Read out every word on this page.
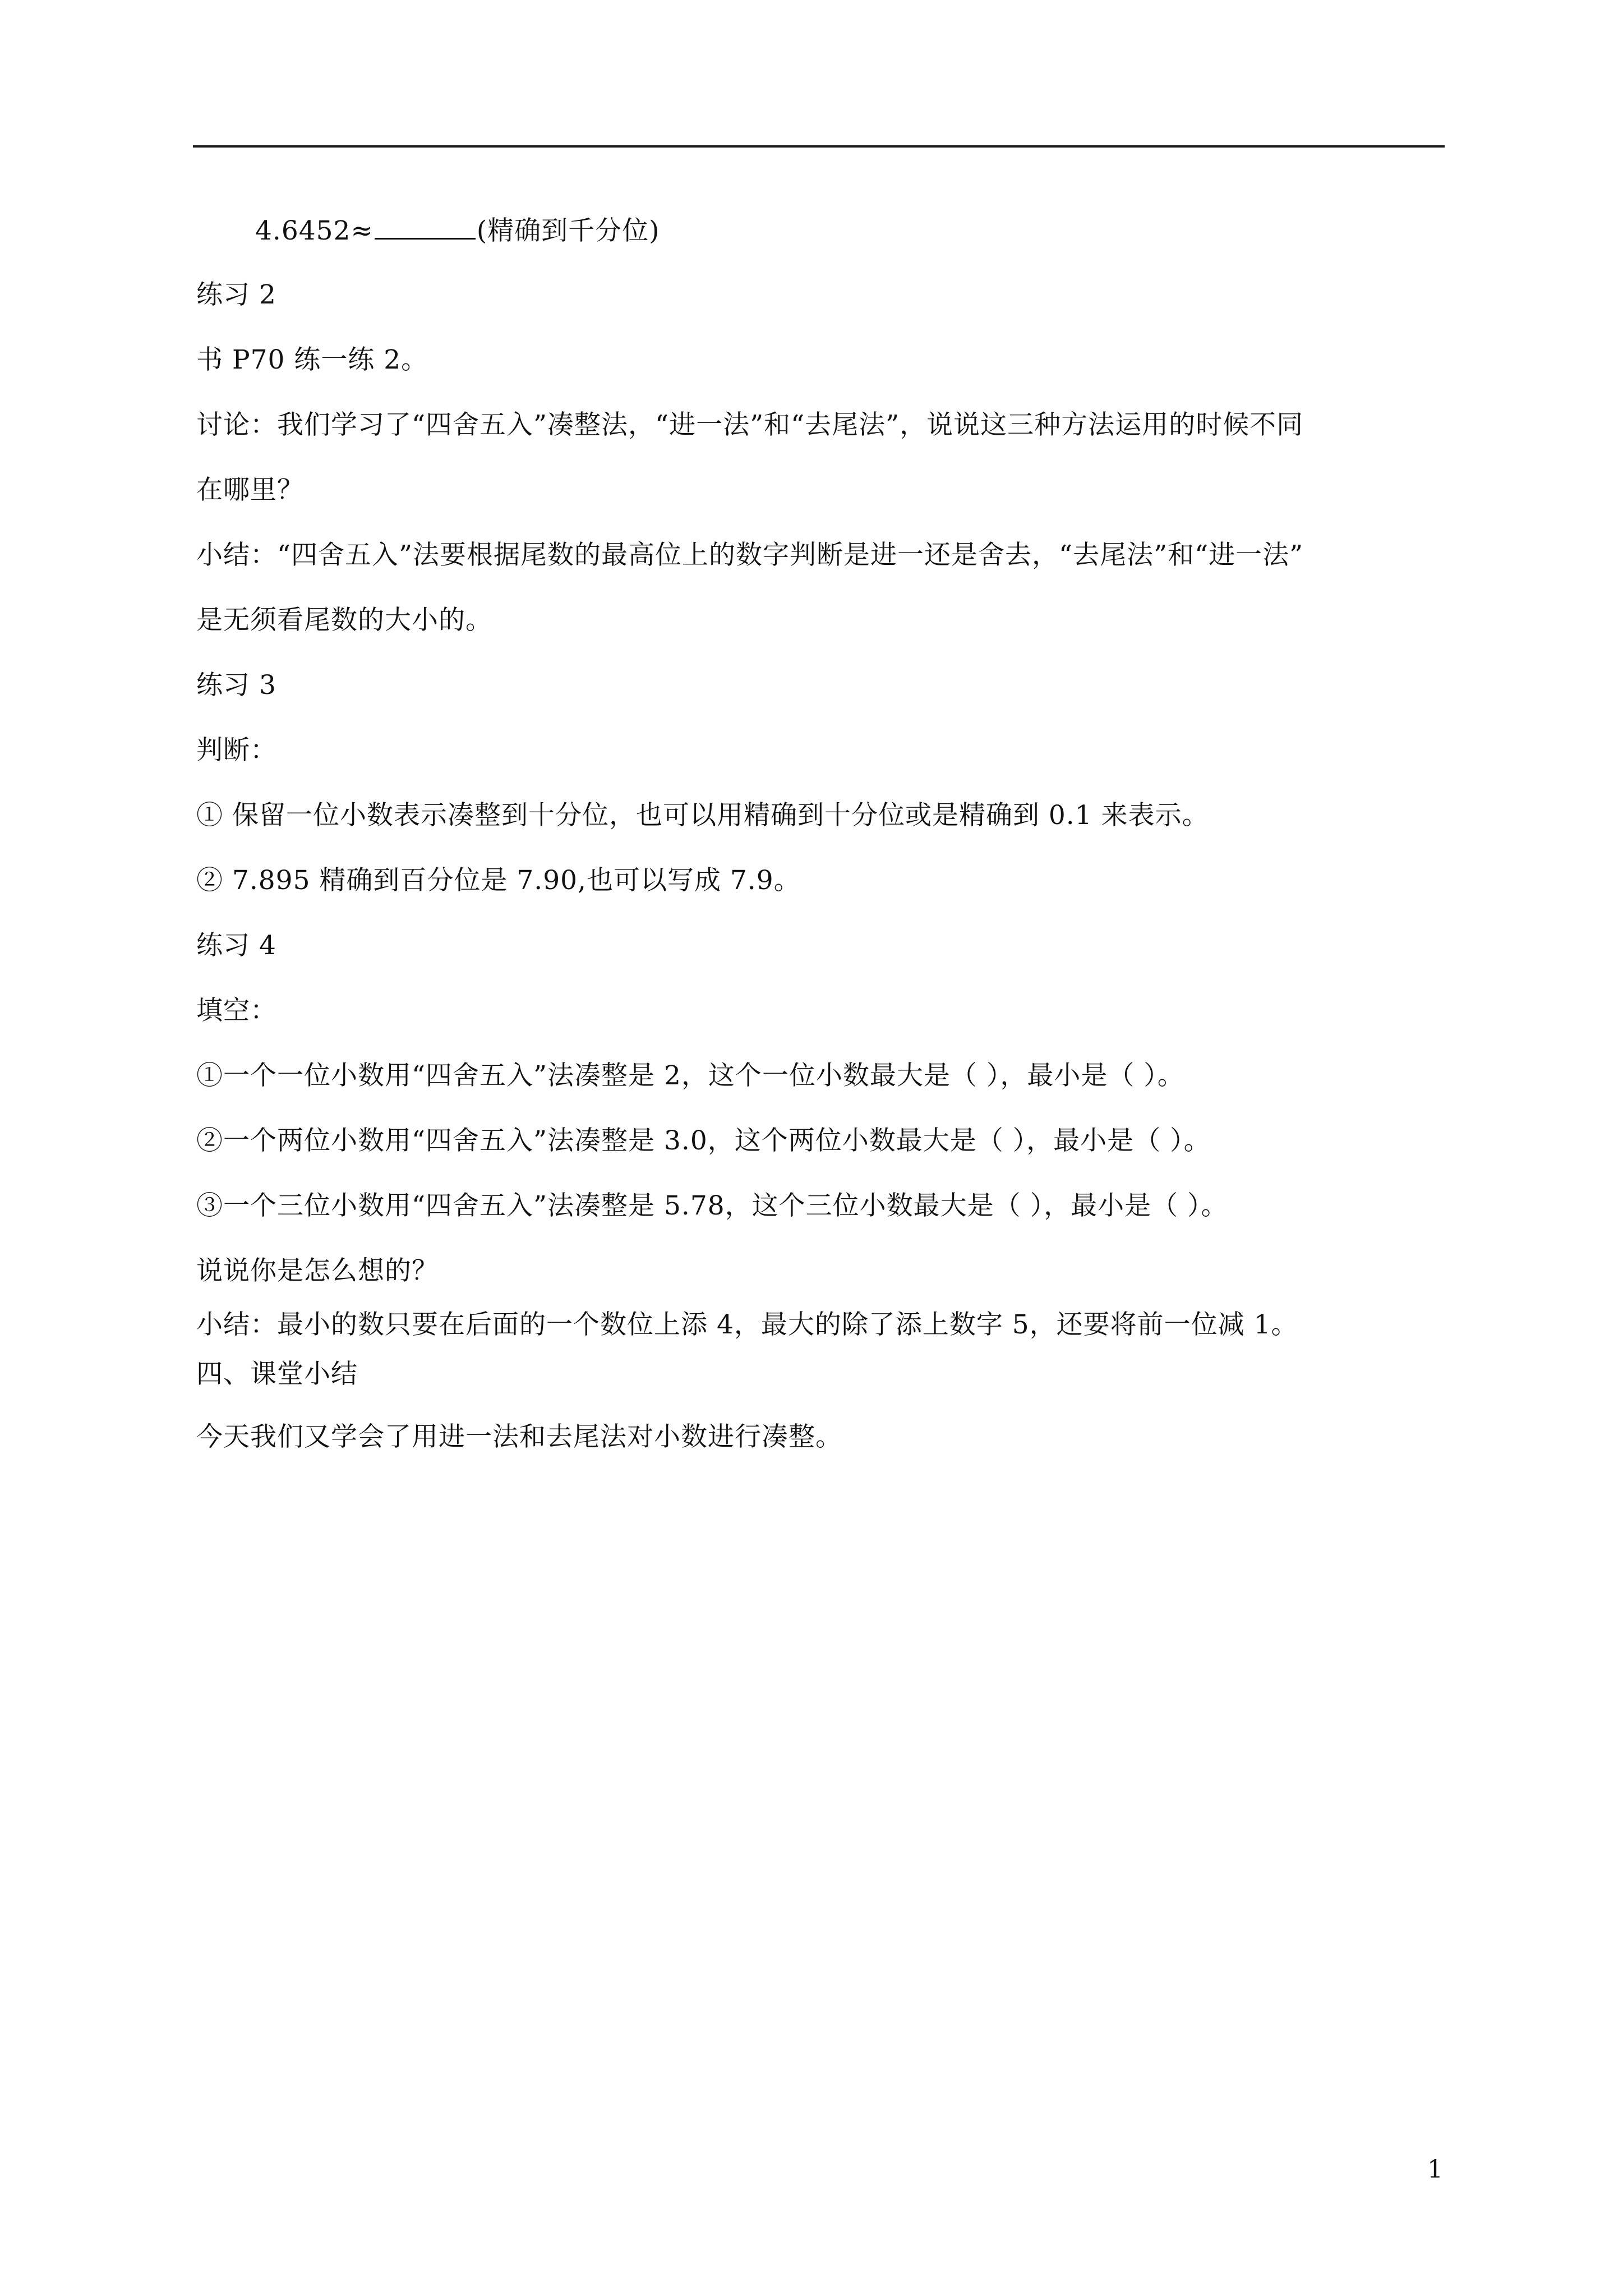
4.6452≈	(精确到千分位)
练习 2
书 P70 练一练 2。
讨论：我们学习了“四舍五入”凑整法，“进一法”和“去尾法”，说说这三种方法运用的时候不同
在哪里？
小结：“四舍五入”法要根据尾数的最高位上的数字判断是进一还是舍去，“去尾法”和“进一法”
是无须看尾数的大小的。
练习 3
判断：
① 保留一位小数表示凑整到十分位，也可以用精确到十分位或是精确到 0.1 来表示。
② 7.895 精确到百分位是 7.90,也可以写成 7.9。
练习 4
填空：
①一个一位小数用“四舍五入”法凑整是 2，这个一位小数最大是（ ），最小是（ ）。
②一个两位小数用“四舍五入”法凑整是 3.0，这个两位小数最大是（ ），最小是（ ）。
③一个三位小数用“四舍五入”法凑整是 5.78，这个三位小数最大是（ ），最小是（ ）。
说说你是怎么想的？
小结：最小的数只要在后面的一个数位上添 4，最大的除了添上数字 5，还要将前一位减 1。
四、课堂小结
今天我们又学会了用进一法和去尾法对小数进行凑整。
1
